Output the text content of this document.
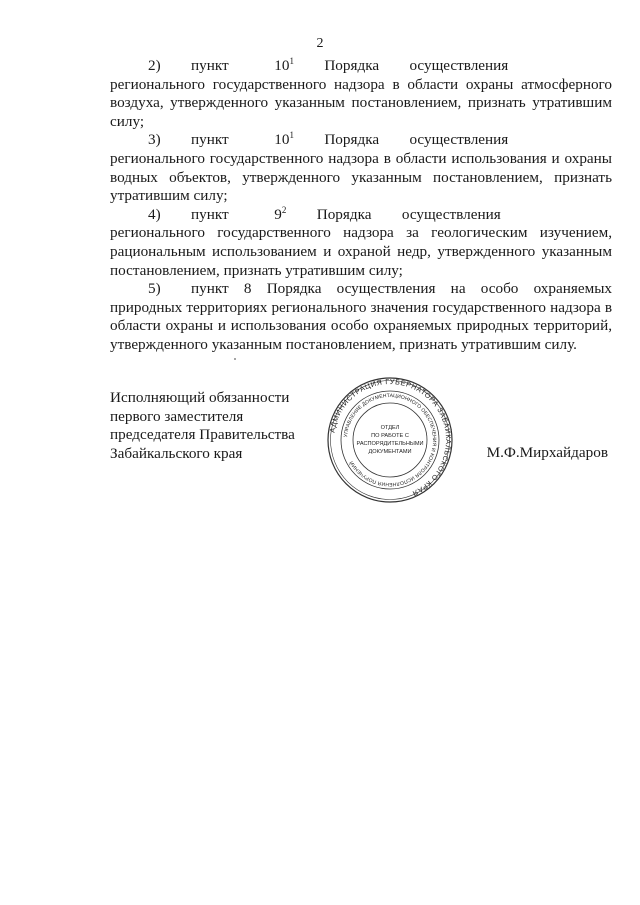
2

2)  пункт   $10^1$  Порядка  осуществления  регионального государственного надзора в области охраны атмосферного воздуха, утвержденного указанным постановлением, признать утратившим силу;

3)  пункт   $10^1$  Порядка  осуществления  регионального государственного надзора в области использования и охраны водных объектов, утвержденного указанным постановлением, признать утратившим силу;

4)  пункт   $9^2$  Порядка  осуществления  регионального государственного надзора за геологическим изучением, рациональным использованием и охраной недр, утвержденного указанным постановлением, признать утратившим силу;

5)  пункт 8 Порядка осуществления на особо охраняемых природных территориях регионального значения государственного надзора в области охраны и использования особо охраняемых природных территорий, утвержденного указанным постановлением, признать утратившим силу.

Исполняющий обязанности
первого заместителя
председателя Правительства
Забайкальского края
АДМИНИСТРАЦИЯ ГУБЕРНАТОРА ЗАБАЙКАЛЬСКОГО КРАЯ
УПРАВЛЕНИЕ ДОКУМЕНТАЦИОННОГО ОБЕСПЕЧЕНИЯ И КОНТРОЛЯ ИСПОЛНЕНИЯ ПОРУЧЕНИЙ
ОТДЕЛ
ПО РАБОТЕ С
РАСПОРЯДИТЕЛЬНЫМИ
ДОКУМЕНТАМИ	М.Ф.Мирхайдаров
